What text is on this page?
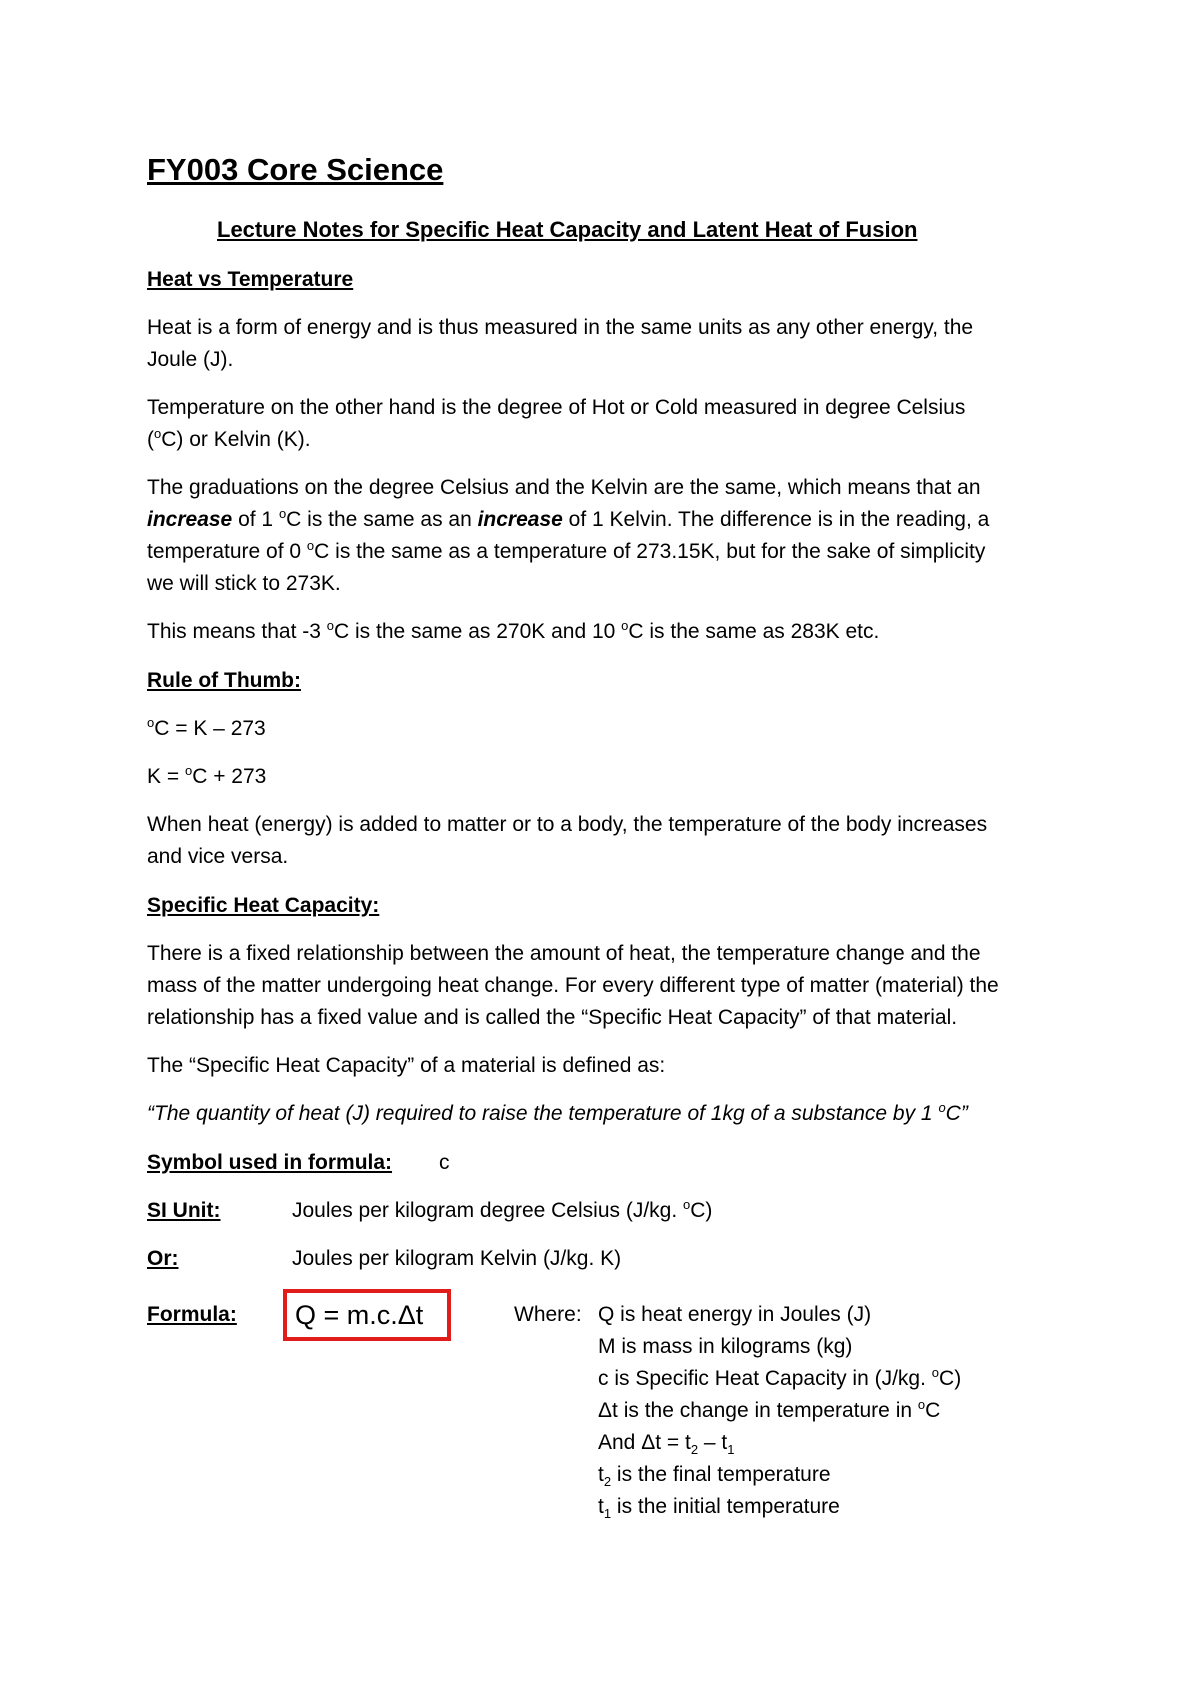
FY003 Core Science
Lecture Notes for Specific Heat Capacity and Latent Heat of Fusion
Heat vs Temperature
Heat is a form of energy and is thus measured in the same units as any other energy, the
Joule (J).
Temperature on the other hand is the degree of Hot or Cold measured in degree Celsius
($^o$C) or Kelvin (K).
The graduations on the degree Celsius and the Kelvin are the same, which means that an
increase of 1 $^o$C is the same as an increase of 1 Kelvin. The difference is in the reading, a
temperature of 0 $^o$C is the same as a temperature of 273.15K, but for the sake of simplicity
we will stick to 273K.
This means that -3 $^o$C is the same as 270K and 10 $^o$C is the same as 283K etc.
Rule of Thumb:
$^o$C = K – 273
K = $^o$C + 273
When heat (energy) is added to matter or to a body, the temperature of the body increases
and vice versa.
Specific Heat Capacity:
There is a fixed relationship between the amount of heat, the temperature change and the
mass of the matter undergoing heat change. For every different type of matter (material) the
relationship has a fixed value and is called the “Specific Heat Capacity” of that material.
The “Specific Heat Capacity” of a material is defined as:
“The quantity of heat (J) required to raise the temperature of 1kg of a substance by 1 $^o$C”
Symbol used in formula: c
SI Unit:	Joules per kilogram degree Celsius (J/kg. $^o$C)
Or:	Joules per kilogram Kelvin (J/kg. K)
Formula:	Q = m.c.Δt	Where: Q is heat energy in Joules (J)
M is mass in kilograms (kg)
c is Specific Heat Capacity in (J/kg. $^o$C)
Δt is the change in temperature in $^o$C
And $\Delta t = t_2 - t_1$
$t_2$ is the final temperature
$t_1$ is the initial temperature
